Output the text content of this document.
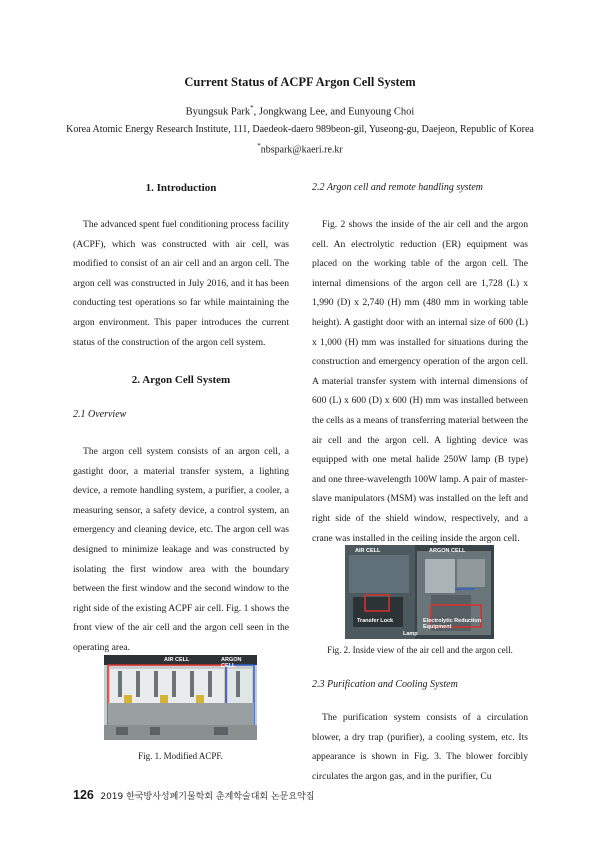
Current Status of ACPF Argon Cell System
Byungsuk Park*, Jongkwang Lee, and Eunyoung Choi
Korea Atomic Energy Research Institute, 111, Daedeok-daero 989beon-gil, Yuseong-gu, Daejeon, Republic of Korea
*nbspark@kaeri.re.kr
1. Introduction
The advanced spent fuel conditioning process facility (ACPF), which was constructed with air cell, was modified to consist of an air cell and an argon cell. The argon cell was constructed in July 2016, and it has been conducting test operations so far while maintaining the argon environment. This paper introduces the current status of the construction of the argon cell system.
2. Argon Cell System
2.1 Overview
The argon cell system consists of an argon cell, a gastight door, a material transfer system, a lighting device, a remote handling system, a purifier, a cooler, a measuring sensor, a safety device, a control system, an emergency and cleaning device, etc. The argon cell was designed to minimize leakage and was constructed by isolating the first window area with the boundary between the first window and the second window to the right side of the existing ACPF air cell. Fig. 1 shows the front view of the air cell and the argon cell seen in the operating area.
AIR CELL	ARGON CELL
Fig. 1. Modified ACPF.
2.2 Argon cell and remote handling system
Fig. 2 shows the inside of the air cell and the argon cell. An electrolytic reduction (ER) equipment was placed on the working table of the argon cell. The internal dimensions of the argon cell are 1,728 (L) x 1,990 (D) x 2,740 (H) mm (480 mm in working table height). A gastight door with an internal size of 600 (L) x 1,000 (H) mm was installed for situations during the construction and emergency operation of the argon cell. A material transfer system with internal dimensions of 600 (L) x 600 (D) x 600 (H) mm was installed between the cells as a means of transferring material between the air cell and the argon cell. A lighting device was equipped with one metal halide 250W lamp (B type) and one three-wavelength 100W lamp. A pair of master-slave manipulators (MSM) was installed on the left and right side of the shield window, respectively, and a crane was installed in the ceiling inside the argon cell.
AIR CELL	ARGON CELL
Transfer Lock	Electrolytic Reduction Equipment
Lamp
Fig. 2. Inside view of the air cell and the argon cell.
2.3 Purification and Cooling System
The purification system consists of a circulation blower, a dry trap (purifier), a cooling system, etc. Its appearance is shown in Fig. 3. The blower forcibly circulates the argon gas, and in the purifier, Cu
126 2019 한국방사성폐기물학회 춘계학술대회 논문요약집
